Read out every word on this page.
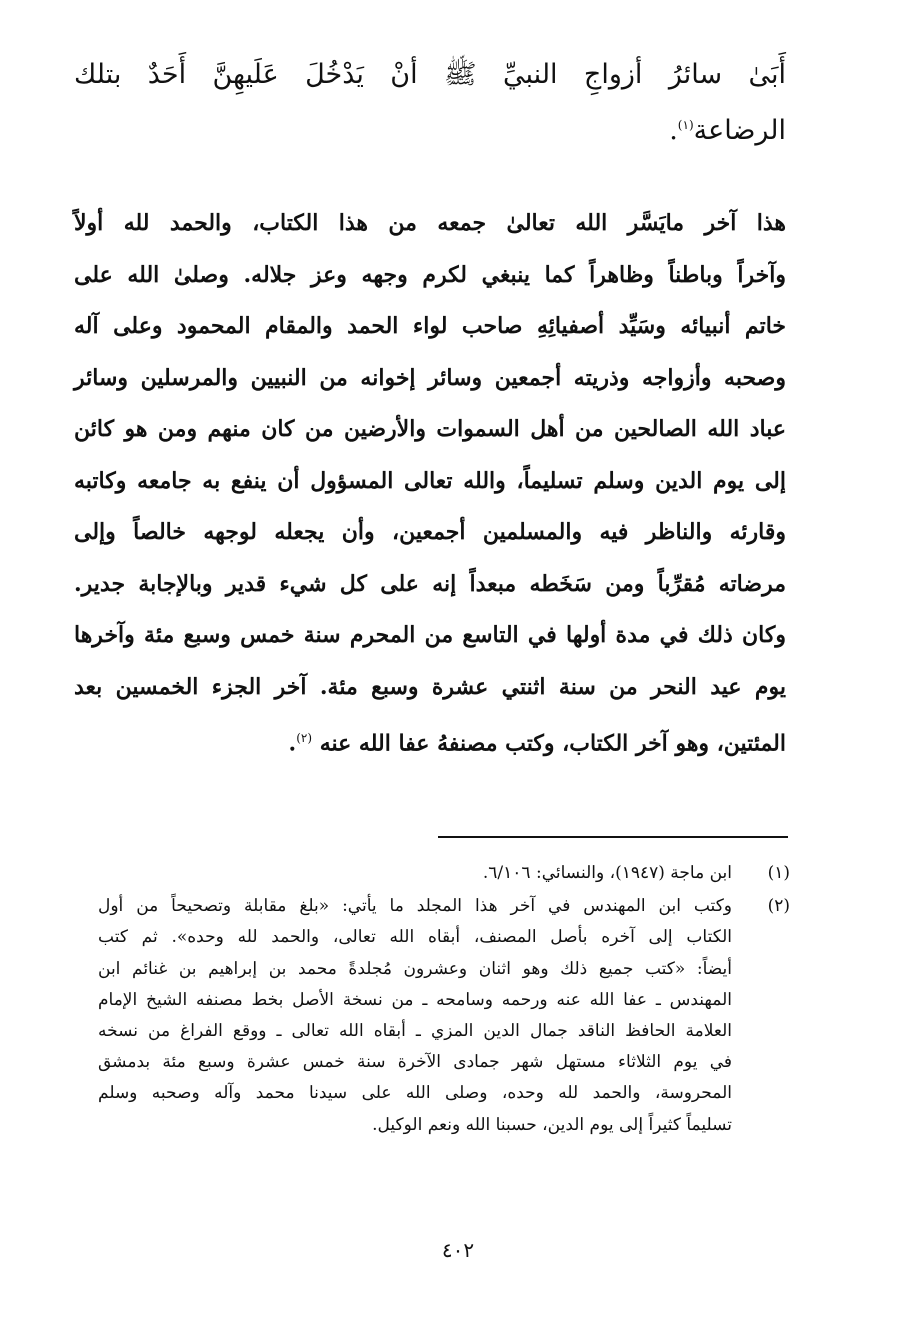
أَبَىٰ سائرُ أزواجِ النبيِّ ﷺ أنْ يَدْخُلَ عَلَيهِنَّ أَحَدٌ بتلك
الرضاعة$^{(١)}$.
هذا آخر مايَسَّر الله تعالىٰ جمعه من هذا الكتاب، والحمد لله أولاً
وآخراً وباطناً وظاهراً كما ينبغي لكرم وجهه وعز جلاله. وصلىٰ الله على
خاتم أنبيائه وسَيِّد أصفيائِهِ صاحب لواء الحمد والمقام المحمود وعلى آله
وصحبه وأزواجه وذريته أجمعين وسائر إخوانه من النبيين والمرسلين وسائر
عباد الله الصالحين من أهل السموات والأرضين من كان منهم ومن هو كائن
إلى يوم الدين وسلم تسليماً، والله تعالى المسؤول أن ينفع به جامعه وكاتبه
وقارئه والناظر فيه والمسلمين أجمعين، وأن يجعله لوجهه خالصاً وإلى
مرضاته مُقرِّباً ومن سَخَطه مبعداً إنه على كل شيء قدير وبالإجابة جدير.
وكان ذلك في مدة أولها في التاسع من المحرم سنة خمس وسبع مئة وآخرها
يوم عيد النحر من سنة اثنتي عشرة وسبع مئة. آخر الجزء الخمسين بعد
المئتين، وهو آخر الكتاب، وكتب مصنفهُ عفا الله عنه $^{(٢)}$.
(١)
ابن ماجة (١٩٤٧)، والنسائي: ٦/١٠٦.
(٢)
وكتب ابن المهندس في آخر هذا المجلد ما يأتي: «بلغ مقابلة وتصحيحاً من أول
الكتاب إلى آخره بأصل المصنف، أبقاه الله تعالى، والحمد لله وحده». ثم كتب
أيضاً: «كتب جميع ذلك وهو اثنان وعشرون مُجلدةً محمد بن إبراهيم بن غنائم ابن
المهندس ـ عفا الله عنه ورحمه وسامحه ـ من نسخة الأصل بخط مصنفه الشيخ الإمام
العلامة الحافظ الناقد جمال الدين المزي ـ أبقاه الله تعالى ـ ووقع الفراغ من نسخه
في يوم الثلاثاء مستهل شهر جمادى الآخرة سنة خمس عشرة وسبع مئة بدمشق
المحروسة، والحمد لله وحده، وصلى الله على سيدنا محمد وآله وصحبه وسلم
تسليماً كثيراً إلى يوم الدين، حسبنا الله ونعم الوكيل.
٤٠٢
